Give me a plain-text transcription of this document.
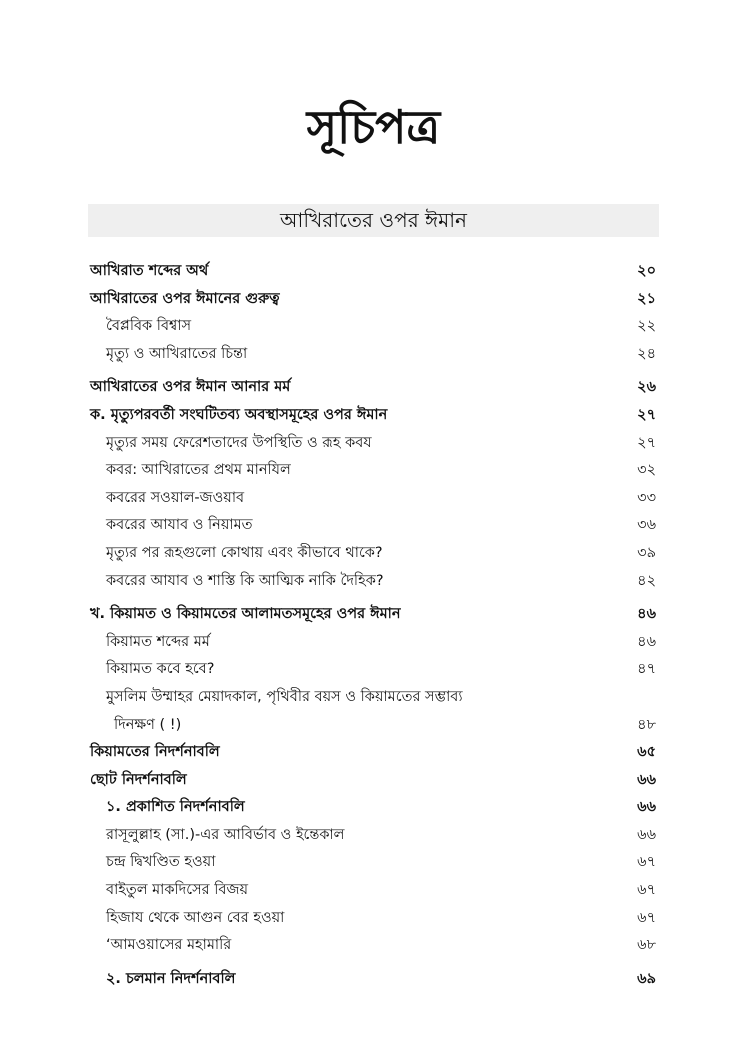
সূচিপত্র
আখিরাতের ওপর ঈমান
আখিরাত শব্দের অর্থ	২০
আখিরাতের ওপর ঈমানের গুরুত্ব	২১
বৈপ্লবিক বিশ্বাস	২২
মৃত্যু ও আখিরাতের চিন্তা	২৪
আখিরাতের ওপর ঈমান আনার মর্ম	২৬
ক. মৃত্যুপরবর্তী সংঘটিতব্য অবস্থাসমূহের ওপর ঈমান	২৭
মৃত্যুর সময় ফেরেশতাদের উপস্থিতি ও রূহ কবয	২৭
কবর: আখিরাতের প্রথম মানযিল	৩২
কবরের সওয়াল-জওয়াব	৩৩
কবরের আযাব ও নিয়ামত	৩৬
মৃত্যুর পর রূহগুলো কোথায় এবং কীভাবে থাকে?	৩৯
কবরের আযাব ও শাস্তি কি আত্মিক নাকি দৈহিক?	৪২
খ. কিয়ামত ও কিয়ামতের আলামতসমূহের ওপর ঈমান	৪৬
কিয়ামত শব্দের মর্ম	৪৬
কিয়ামত কবে হবে?	৪৭
মুসলিম উম্মাহর মেয়াদকাল, পৃথিবীর বয়স ও কিয়ামতের সম্ভাব্য
দিনক্ষণ ( !)	৪৮
কিয়ামতের নিদর্শনাবলি	৬৫
ছোট নিদর্শনাবলি	৬৬
১. প্রকাশিত নিদর্শনাবলি	৬৬
রাসূলুল্লাহ (সা.)-এর আবির্ভাব ও ইন্তেকাল	৬৬
চন্দ্র দ্বিখণ্ডিত হওয়া	৬৭
বাইতুল মাকদিসের বিজয়	৬৭
হিজায থেকে আগুন বের হওয়া	৬৭
‘আমওয়াসের মহামারি	৬৮
২. চলমান নিদর্শনাবলি	৬৯
